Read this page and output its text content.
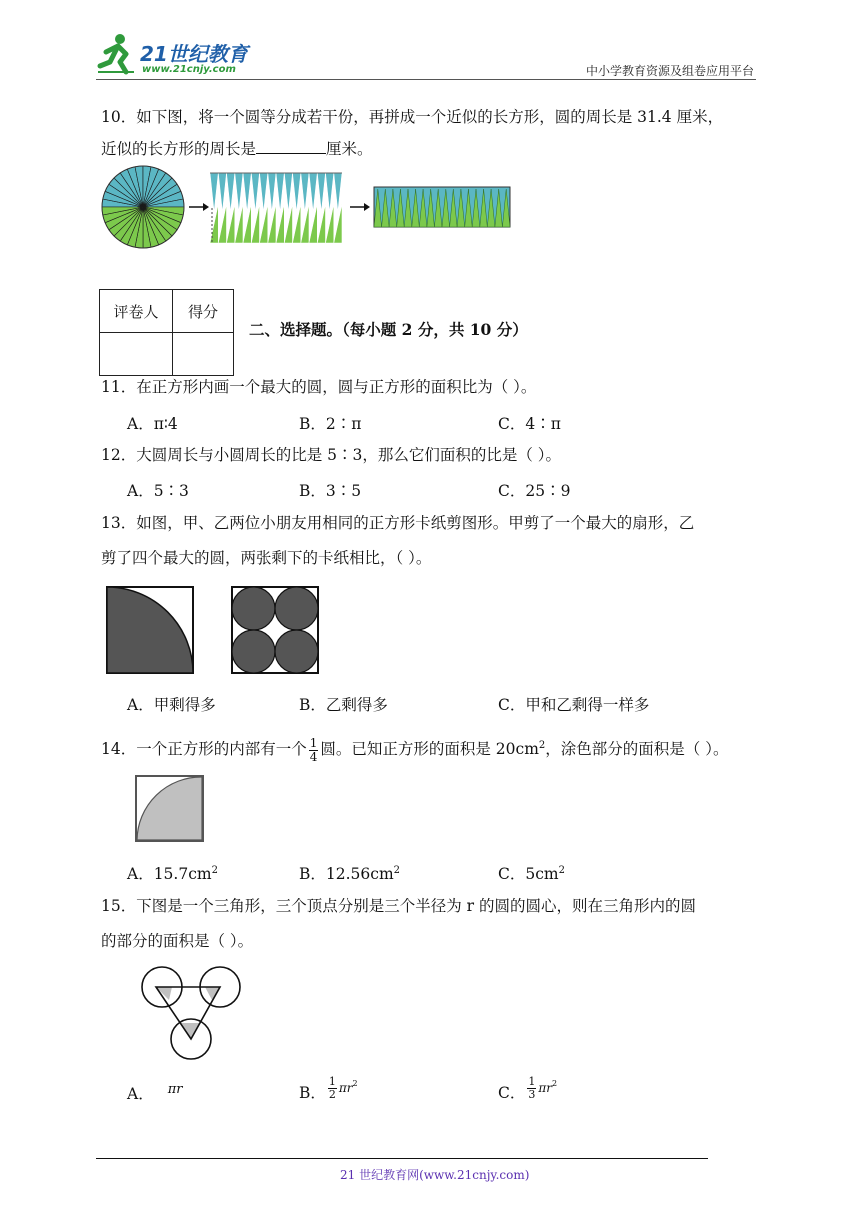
21世纪教育
www.21cnjy.com	中小学教育资源及组卷应用平台
10．如下图，将一个圆等分成若干份，再拼成一个近似的长方形，圆的周长是 31.4 厘米，
近似的长方形的周长是	厘米。
评卷人	得分

二、选择题。（每小题 2 分，共 10 分）
11．在正方形内画一个最大的圆，圆与正方形的面积比为（ ）。
A．π∶4	B．2∶π	C．4∶π
12．大圆周长与小圆周长的比是 5∶3，那么它们面积的比是（ ）。
A．5∶3	B．3∶5	C．25∶9
13．如图，甲、乙两位小朋友用相同的正方形卡纸剪图形。甲剪了一个最大的扇形，乙
剪了四个最大的圆，两张剩下的卡纸相比，（ ）。
A．甲剩得多	B．乙剩得多	C．甲和乙剩得一样多
14．一个正方形的内部有一个 $\frac{1}{4}$ 圆。已知正方形的面积是 $20cm^2$，涂色部分的面积是（ ）。
A．$15.7cm^2$	B．$12.56cm^2$	C．$5cm^2$
15．下图是一个三角形，三个顶点分别是三个半径为 r 的圆的圆心，则在三角形内的圆
的部分的面积是（ ）。
A． $^{\pi r}$	B． $\frac{1}{2} \pi r^2$
C． $\frac{1}{3} \pi r^2$
21 世纪教育网(www.21cnjy.com)
